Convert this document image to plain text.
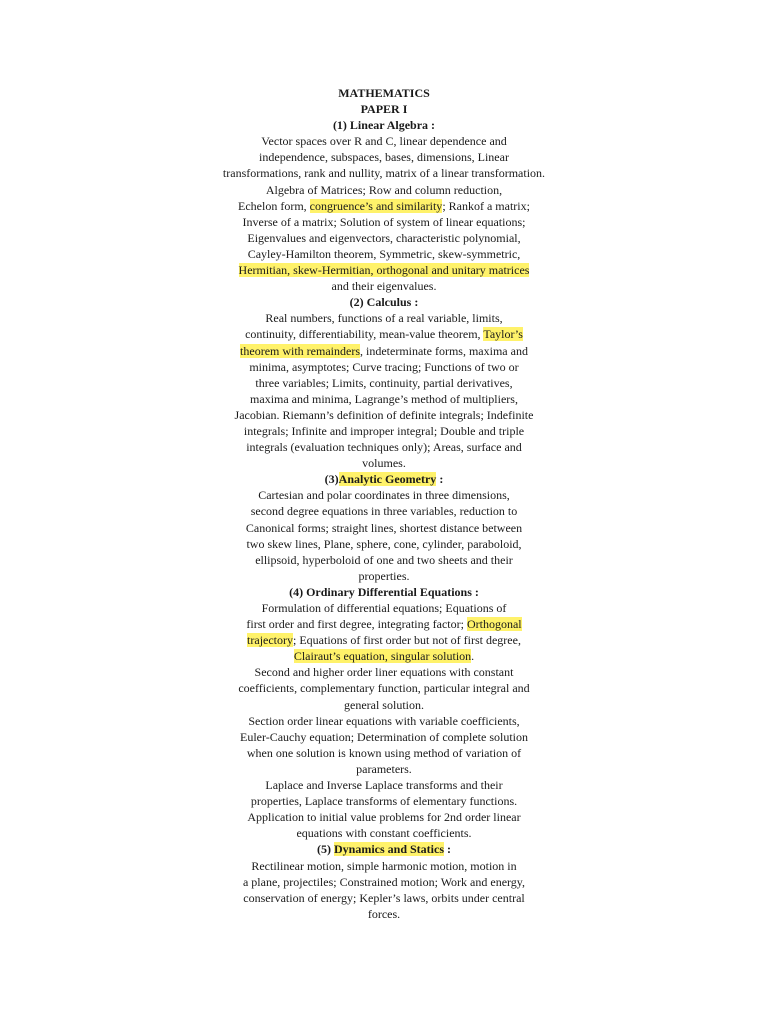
MATHEMATICS
PAPER I
(1) Linear Algebra :
Vector spaces over R and C, linear dependence and
independence, subspaces, bases, dimensions, Linear
transformations, rank and nullity, matrix of a linear transformation.
Algebra of Matrices; Row and column reduction,
Echelon form, congruence’s and similarity; Rankof a matrix;
Inverse of a matrix; Solution of system of linear equations;
Eigenvalues and eigenvectors, characteristic polynomial,
Cayley-Hamilton theorem, Symmetric, skew-symmetric,
Hermitian, skew-Hermitian, orthogonal and unitary matrices
and their eigenvalues.
(2) Calculus :
Real numbers, functions of a real variable, limits,
continuity, differentiability, mean-value theorem, Taylor’s
theorem with remainders, indeterminate forms, maxima and
minima, asymptotes; Curve tracing; Functions of two or
three variables; Limits, continuity, partial derivatives,
maxima and minima, Lagrange’s method of multipliers,
Jacobian. Riemann’s definition of definite integrals; Indefinite
integrals; Infinite and improper integral; Double and triple
integrals (evaluation techniques only); Areas, surface and
volumes.
(3)Analytic Geometry :
Cartesian and polar coordinates in three dimensions,
second degree equations in three variables, reduction to
Canonical forms; straight lines, shortest distance between
two skew lines, Plane, sphere, cone, cylinder, paraboloid,
ellipsoid, hyperboloid of one and two sheets and their
properties.
(4) Ordinary Differential Equations :
Formulation of differential equations; Equations of
first order and first degree, integrating factor; Orthogonal
trajectory; Equations of first order but not of first degree,
Clairaut’s equation, singular solution.
Second and higher order liner equations with constant
coefficients, complementary function, particular integral and
general solution.
Section order linear equations with variable coefficients,
Euler-Cauchy equation; Determination of complete solution
when one solution is known using method of variation of
parameters.
Laplace and Inverse Laplace transforms and their
properties, Laplace transforms of elementary functions.
Application to initial value problems for 2nd order linear
equations with constant coefficients.
(5) Dynamics and Statics :
Rectilinear motion, simple harmonic motion, motion in
a plane, projectiles; Constrained motion; Work and energy,
conservation of energy; Kepler’s laws, orbits under central
forces.
